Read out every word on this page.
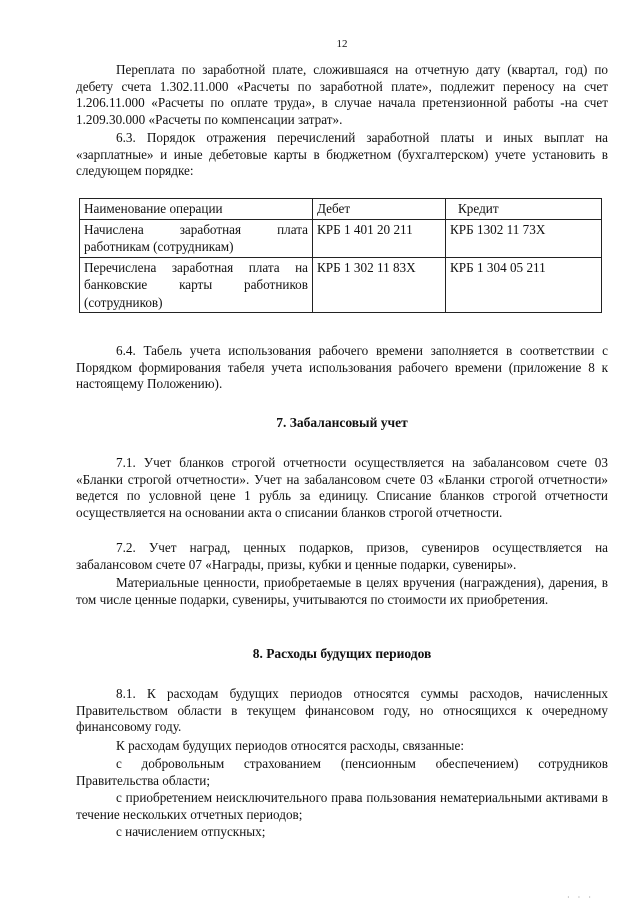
12

Переплата по заработной плате, сложившаяся на отчетную дату (квартал, год) по дебету счета 1.302.11.000 «Расчеты по заработной плате», подлежит переносу на счет 1.206.11.000 «Расчеты по оплате труда», в случае начала претензионной работы -на счет 1.209.30.000 «Расчеты по компенсации затрат».

6.3. Порядок отражения перечислений заработной платы и иных выплат на «зарплатные» и иные дебетовые карты в бюджетном (бухгалтерском) учете установить в следующем порядке:

Наименование операции	Дебет	Кредит
Начислена заработная плата работникам (сотрудникам)	КРБ 1 401 20 211	КРБ 1302 11 73Х
Перечислена заработная плата на банковские карты работников (сотрудников)	КРБ 1 302 11 83Х	КРБ 1 304 05 211

6.4. Табель учета использования рабочего времени заполняется в соответствии с Порядком формирования табеля учета использования рабочего времени (приложение 8 к настоящему Положению).

7. Забалансовый учет

7.1. Учет бланков строгой отчетности осуществляется на забалансовом счете 03 «Бланки строгой отчетности». Учет на забалансовом счете 03 «Бланки строгой отчетности» ведется по условной цене 1 рубль за единицу. Списание бланков строгой отчетности осуществляется на основании акта о списании бланков строгой отчетности.

7.2. Учет наград, ценных подарков, призов, сувениров осуществляется на забалансовом счете 07 «Награды, призы, кубки и ценные подарки, сувениры».

Материальные ценности, приобретаемые в целях вручения (награждения), дарения, в том числе ценные подарки, сувениры, учитываются по стоимости их приобретения.

8. Расходы будущих периодов

8.1. К расходам будущих периодов относятся суммы расходов, начисленных Правительством области в текущем финансовом году, но относящихся к очередному финансовому году.

К расходам будущих периодов относятся расходы, связанные:

с добровольным страхованием (пенсионным обеспечением) сотрудников Правительства области;

с приобретением неисключительного права пользования нематериальными активами в течение нескольких отчетных периодов;

с начислением отпускных;

· · ·
